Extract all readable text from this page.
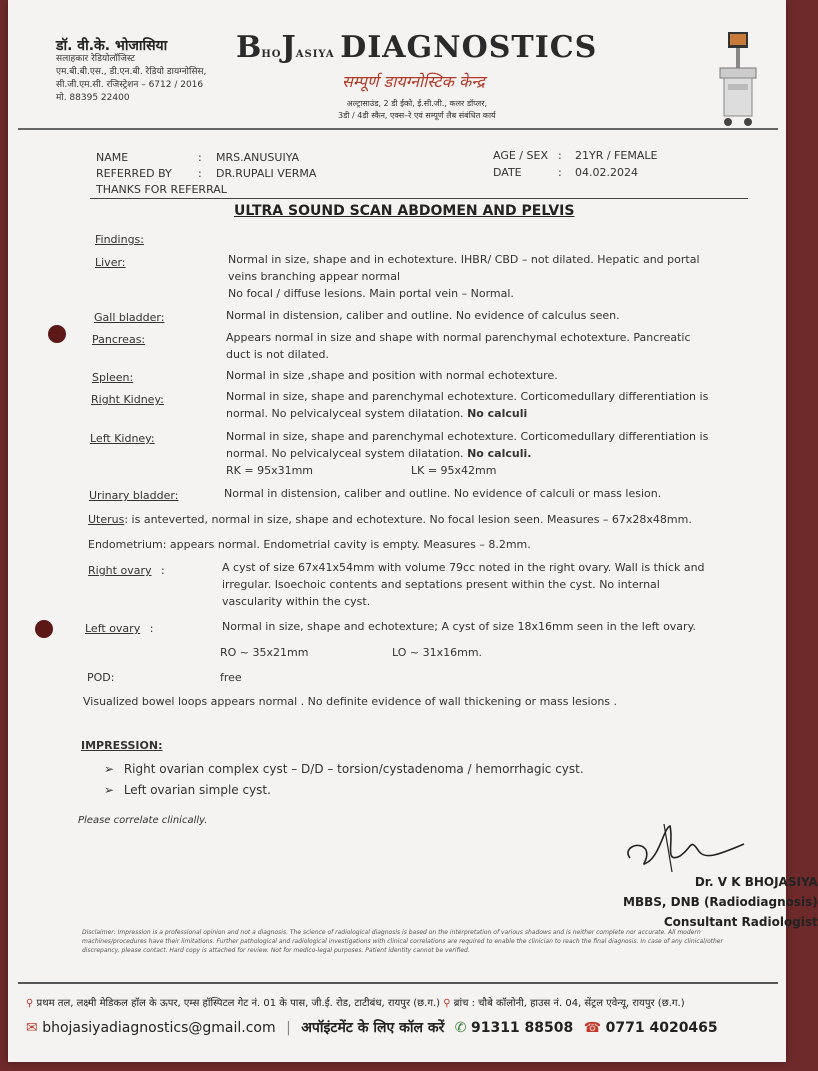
डॉ. वी.के. भोजासिया
सलाहकार रेडियोलॉजिस्ट
एम.बी.बी.एस., डी.एन.बी. रेडियो डायग्नोसिस,
सी.जी.एम.सी. रजिस्ट्रेशन – 6712 / 2016
मो. 88395 22400
BHOJASIYA DIAGNOSTICS
सम्पूर्ण डायग्नोस्टिक केन्द्र
अल्ट्रासाउंड, 2 डी ईको, ई.सी.जी., कलर डॉप्लर,
3डी / 4डी स्कैन, एक्स–रे एवं सम्पूर्ण लैब संबंधित कार्य
NAME	: MRS.ANUSUIYA
REFERRED BY : DR.RUPALI VERMA
THANKS FOR REFERRAL
AGE / SEX : 21YR / FEMALE
DATE	: 04.02.2024
ULTRA SOUND SCAN ABDOMEN AND PELVIS
Findings:
Liver:	Normal in size, shape and in echotexture. IHBR/ CBD – not dilated. Hepatic and portal
veins branching appear normal
No focal / diffuse lesions. Main portal vein – Normal.
Gall bladder:	Normal in distension, caliber and outline. No evidence of calculus seen.
Pancreas:	Appears normal in size and shape with normal parenchymal echotexture. Pancreatic
duct is not dilated.
Spleen:	Normal in size ,shape and position with normal echotexture.
Right Kidney:	Normal in size, shape and parenchymal echotexture. Corticomedullary differentiation is
normal. No pelvicalyceal system dilatation. No calculi
Left Kidney:	Normal in size, shape and parenchymal echotexture. Corticomedullary differentiation is
normal. No pelvicalyceal system dilatation. No calculi.
RK = 95x31mm	LK = 95x42mm
Urinary bladder:	Normal in distension, caliber and outline. No evidence of calculi or mass lesion.
Uterus: is anteverted, normal in size, shape and echotexture. No focal lesion seen. Measures – 67x28x48mm.
Endometrium: appears normal. Endometrial cavity is empty. Measures – 8.2mm.
Right ovary :	A cyst of size 67x41x54mm with volume 79cc noted in the right ovary. Wall is thick and
irregular. Isoechoic contents and septations present within the cyst. No internal
vascularity within the cyst.
Left ovary :	Normal in size, shape and echotexture; A cyst of size 18x16mm seen in the left ovary.
RO ~ 35x21mm	LO ~ 31x16mm.
POD:	free
Visualized bowel loops appears normal . No definite evidence of wall thickening or mass lesions .
IMPRESSION:
➢ Right ovarian complex cyst – D/D – torsion/cystadenoma / hemorrhagic cyst.
➢ Left ovarian simple cyst.
Please correlate clinically.
Dr. V K BHOJASIYA
MBBS, DNB (Radiodiagnosis)
Consultant Radiologist
Disclaimer: Impression is a professional opinion and not a diagnosis. The science of radiological diagnosis is based on the interpretation of various shadows and is neither complete nor accurate. All modern machines/procedures have their limitations. Further pathological and radiological investigations with clinical correlations are required to enable the clinician to reach the final diagnosis. In case of any clinical/other discrepancy, please contact. Hard copy is attached for review. Not for medico-legal purposes. Patient identity cannot be verified.
⚲ प्रथम तल, लक्ष्मी मेडिकल हॉल के ऊपर, एम्स हॉस्पिटल गेट नं. 01 के पास, जी.ई. रोड, टाटीबंध, रायपुर (छ.ग.) ⚲ ब्रांच : चौबे कॉलोनी, हाउस नं. 04, सेंट्रल एवेन्यू, रायपुर (छ.ग.)
✉ bhojasiyadiagnostics@gmail.com | अपॉइंटमेंट के लिए कॉल करें ✆ 91311 88508 ☎ 0771 4020465
